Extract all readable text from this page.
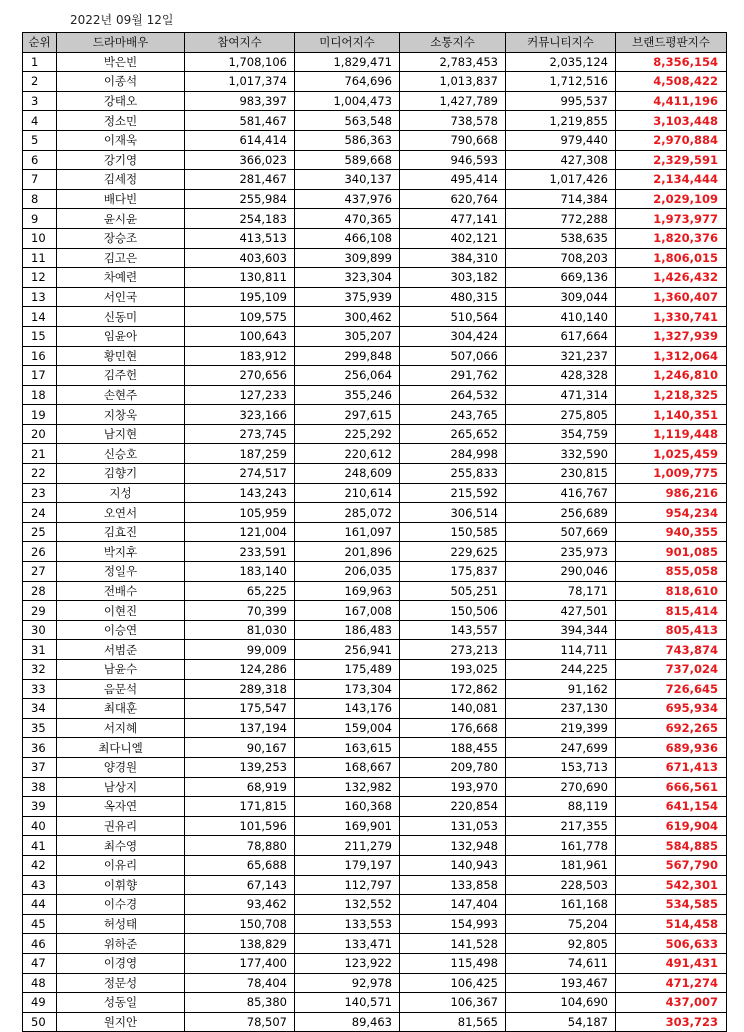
2022년 09월 12일
순위	드라마배우	참여지수	미디어지수	소통지수	커뮤니티지수	브랜드평판지수
1	박은빈	1,708,106	1,829,471	2,783,453	2,035,124	8,356,154
2	이종석	1,017,374	764,696	1,013,837	1,712,516	4,508,422
3	강태오	983,397	1,004,473	1,427,789	995,537	4,411,196
4	정소민	581,467	563,548	738,578	1,219,855	3,103,448
5	이재욱	614,414	586,363	790,668	979,440	2,970,884
6	강기영	366,023	589,668	946,593	427,308	2,329,591
7	김세정	281,467	340,137	495,414	1,017,426	2,134,444
8	배다빈	255,984	437,976	620,764	714,384	2,029,109
9	윤시윤	254,183	470,365	477,141	772,288	1,973,977
10	장승조	413,513	466,108	402,121	538,635	1,820,376
11	김고은	403,603	309,899	384,310	708,203	1,806,015
12	차예련	130,811	323,304	303,182	669,136	1,426,432
13	서인국	195,109	375,939	480,315	309,044	1,360,407
14	신동미	109,575	300,462	510,564	410,140	1,330,741
15	임윤아	100,643	305,207	304,424	617,664	1,327,939
16	황민현	183,912	299,848	507,066	321,237	1,312,064
17	김주헌	270,656	256,064	291,762	428,328	1,246,810
18	손현주	127,233	355,246	264,532	471,314	1,218,325
19	지창욱	323,166	297,615	243,765	275,805	1,140,351
20	남지현	273,745	225,292	265,652	354,759	1,119,448
21	신승호	187,259	220,612	284,998	332,590	1,025,459
22	김향기	274,517	248,609	255,833	230,815	1,009,775
23	지성	143,243	210,614	215,592	416,767	986,216
24	오연서	105,959	285,072	306,514	256,689	954,234
25	김효진	121,004	161,097	150,585	507,669	940,355
26	박지후	233,591	201,896	229,625	235,973	901,085
27	정일우	183,140	206,035	175,837	290,046	855,058
28	전배수	65,225	169,963	505,251	78,171	818,610
29	이현진	70,399	167,008	150,506	427,501	815,414
30	이승연	81,030	186,483	143,557	394,344	805,413
31	서범준	99,009	256,941	273,213	114,711	743,874
32	남윤수	124,286	175,489	193,025	244,225	737,024
33	음문석	289,318	173,304	172,862	91,162	726,645
34	최대훈	175,547	143,176	140,081	237,130	695,934
35	서지혜	137,194	159,004	176,668	219,399	692,265
36	최다니엘	90,167	163,615	188,455	247,699	689,936
37	양경원	139,253	168,667	209,780	153,713	671,413
38	남상지	68,919	132,982	193,970	270,690	666,561
39	옥자연	171,815	160,368	220,854	88,119	641,154
40	권유리	101,596	169,901	131,053	217,355	619,904
41	최수영	78,880	211,279	132,948	161,778	584,885
42	이유리	65,688	179,197	140,943	181,961	567,790
43	이휘향	67,143	112,797	133,858	228,503	542,301
44	이수경	93,462	132,552	147,404	161,168	534,585
45	허성태	150,708	133,553	154,993	75,204	514,458
46	위하준	138,829	133,471	141,528	92,805	506,633
47	이경영	177,400	123,922	115,498	74,611	491,431
48	정문성	78,404	92,978	106,425	193,467	471,274
49	성동일	85,380	140,571	106,367	104,690	437,007
50	원지안	78,507	89,463	81,565	54,187	303,723
